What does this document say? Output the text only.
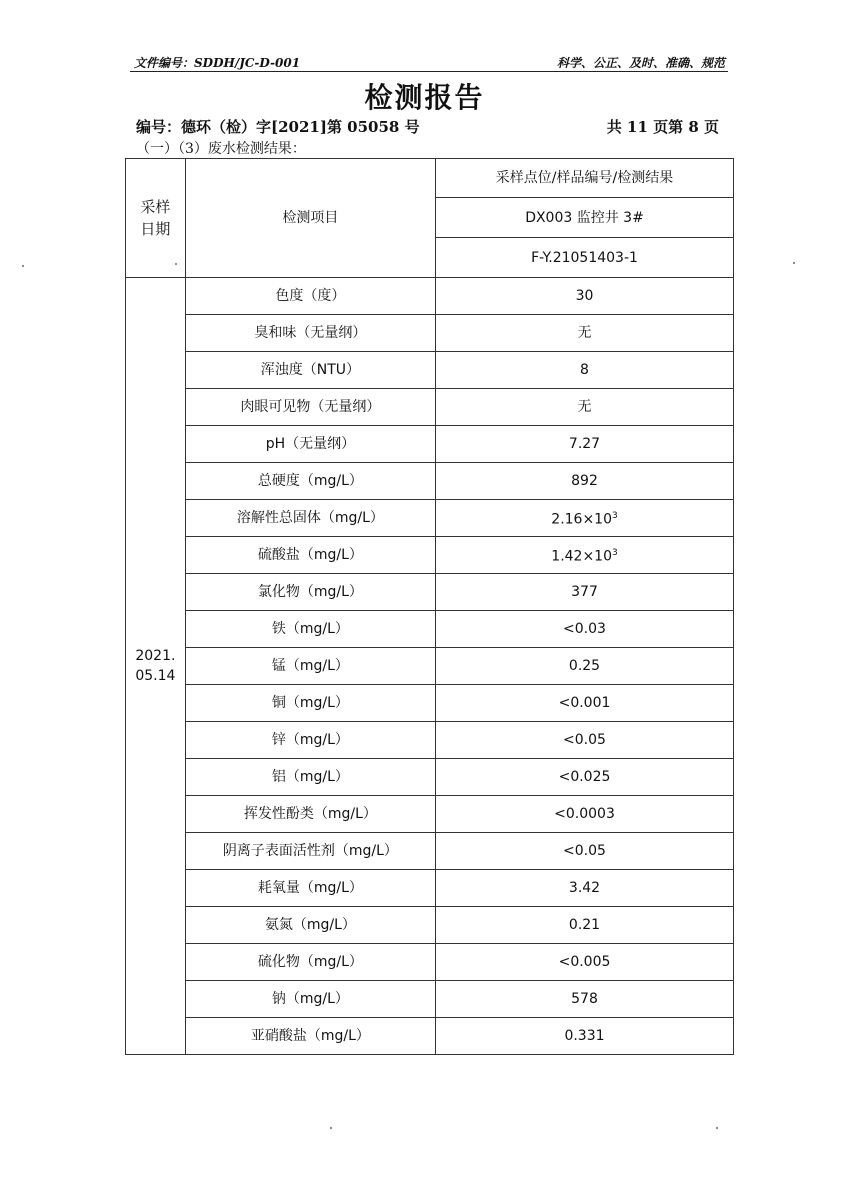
文件编号：SDDH/JC-D-001	科学、公正、及时、准确、规范
检测报告
编号：德环（检）字[2021]第 05058 号	共 11 页第 8 页
（一）（3）废水检测结果：
采样日期	检测项目	采样点位/样品编号/检测结果
		DX003 监控井 3#
		F-Y.21051403-1

2021.
05.14	色度（度）	30
	臭和味（无量纲）	无
	浑浊度（NTU）	8
	肉眼可见物（无量纲）	无
	pH（无量纲）	7.27
	总硬度（mg/L）	892
	溶解性总固体（mg/L）	$2.16\times 10^3$
	硫酸盐（mg/L）	$1.42\times 10^3$
	氯化物（mg/L）	377
	铁（mg/L）	<0.03
	锰（mg/L）	0.25
	铜（mg/L）	<0.001
	锌（mg/L）	<0.05
	铝（mg/L）	<0.025
	挥发性酚类（mg/L）	<0.0003
	阴离子表面活性剂（mg/L）	<0.05
	耗氧量（mg/L）	3.42
	氨氮（mg/L）	0.21
	硫化物（mg/L）	<0.005
	钠（mg/L）	578
	亚硝酸盐（mg/L）	0.331
